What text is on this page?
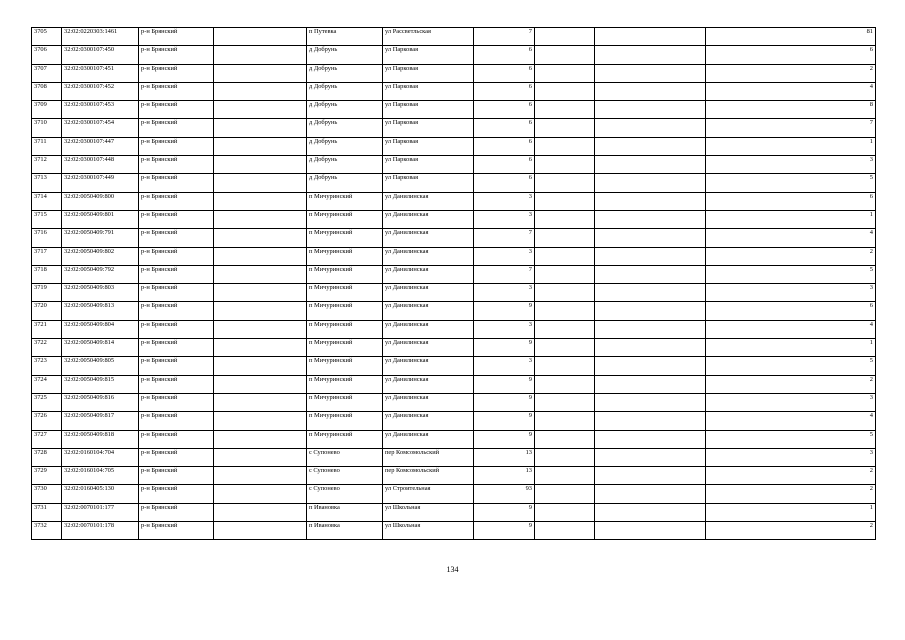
3705	32:02:0220303:1461	р-н Брянский		п Путевка	ул Рассветльская	7			81
3706	32:02:0300107:450	р-н Брянский		д Добрунь	ул Парковая	6			6
3707	32:02:0300107:451	р-н Брянский		д Добрунь	ул Парковая	6			2
3708	32:02:0300107:452	р-н Брянский		д Добрунь	ул Парковая	6			4
3709	32:02:0300107:453	р-н Брянский		д Добрунь	ул Парковая	6			8
3710	32:02:0300107:454	р-н Брянский		д Добрунь	ул Парковая	6			7
3711	32:02:0300107:447	р-н Брянский		д Добрунь	ул Парковая	6			1
3712	32:02:0300107:448	р-н Брянский		д Добрунь	ул Парковая	6			3
3713	32:02:0300107:449	р-н Брянский		д Добрунь	ул Парковая	6			5
3714	32:02:0050409:800	р-н Брянский		п Мичуринский	ул Данилинская	3			6
3715	32:02:0050409:801	р-н Брянский		п Мичуринский	ул Данилинская	3			1
3716	32:02:0050409:791	р-н Брянский		п Мичуринский	ул Данилинская	7			4
3717	32:02:0050409:802	р-н Брянский		п Мичуринский	ул Данилинская	3			2
3718	32:02:0050409:792	р-н Брянский		п Мичуринский	ул Данилинская	7			5
3719	32:02:0050409:803	р-н Брянский		п Мичуринский	ул Данилинская	3			3
3720	32:02:0050409:813	р-н Брянский		п Мичуринский	ул Данилинская	9			6
3721	32:02:0050409:804	р-н Брянский		п Мичуринский	ул Данилинская	3			4
3722	32:02:0050409:814	р-н Брянский		п Мичуринский	ул Данилинская	9			1
3723	32:02:0050409:805	р-н Брянский		п Мичуринский	ул Данилинская	3			5
3724	32:02:0050409:815	р-н Брянский		п Мичуринский	ул Данилинская	9			2
3725	32:02:0050409:816	р-н Брянский		п Мичуринский	ул Данилинская	9			3
3726	32:02:0050409:817	р-н Брянский		п Мичуринский	ул Данилинская	9			4
3727	32:02:0050409:818	р-н Брянский		п Мичуринский	ул Данилинская	9			5
3728	32:02:0160104:704	р-н Брянский		с Супонево	пер Комсомольский	13			3
3729	32:02:0160104:705	р-н Брянский		с Супонево	пер Комсомольский	13			2
3730	32:02:0160405:130	р-н Брянский		с Супонево	ул Строительная	93			2
3731	32:02:0070101:177	р-н Брянский		п Ивановка	ул Школьная	9			1
3732	32:02:0070101:178	р-н Брянский		п Ивановка	ул Школьная	9			2
134
